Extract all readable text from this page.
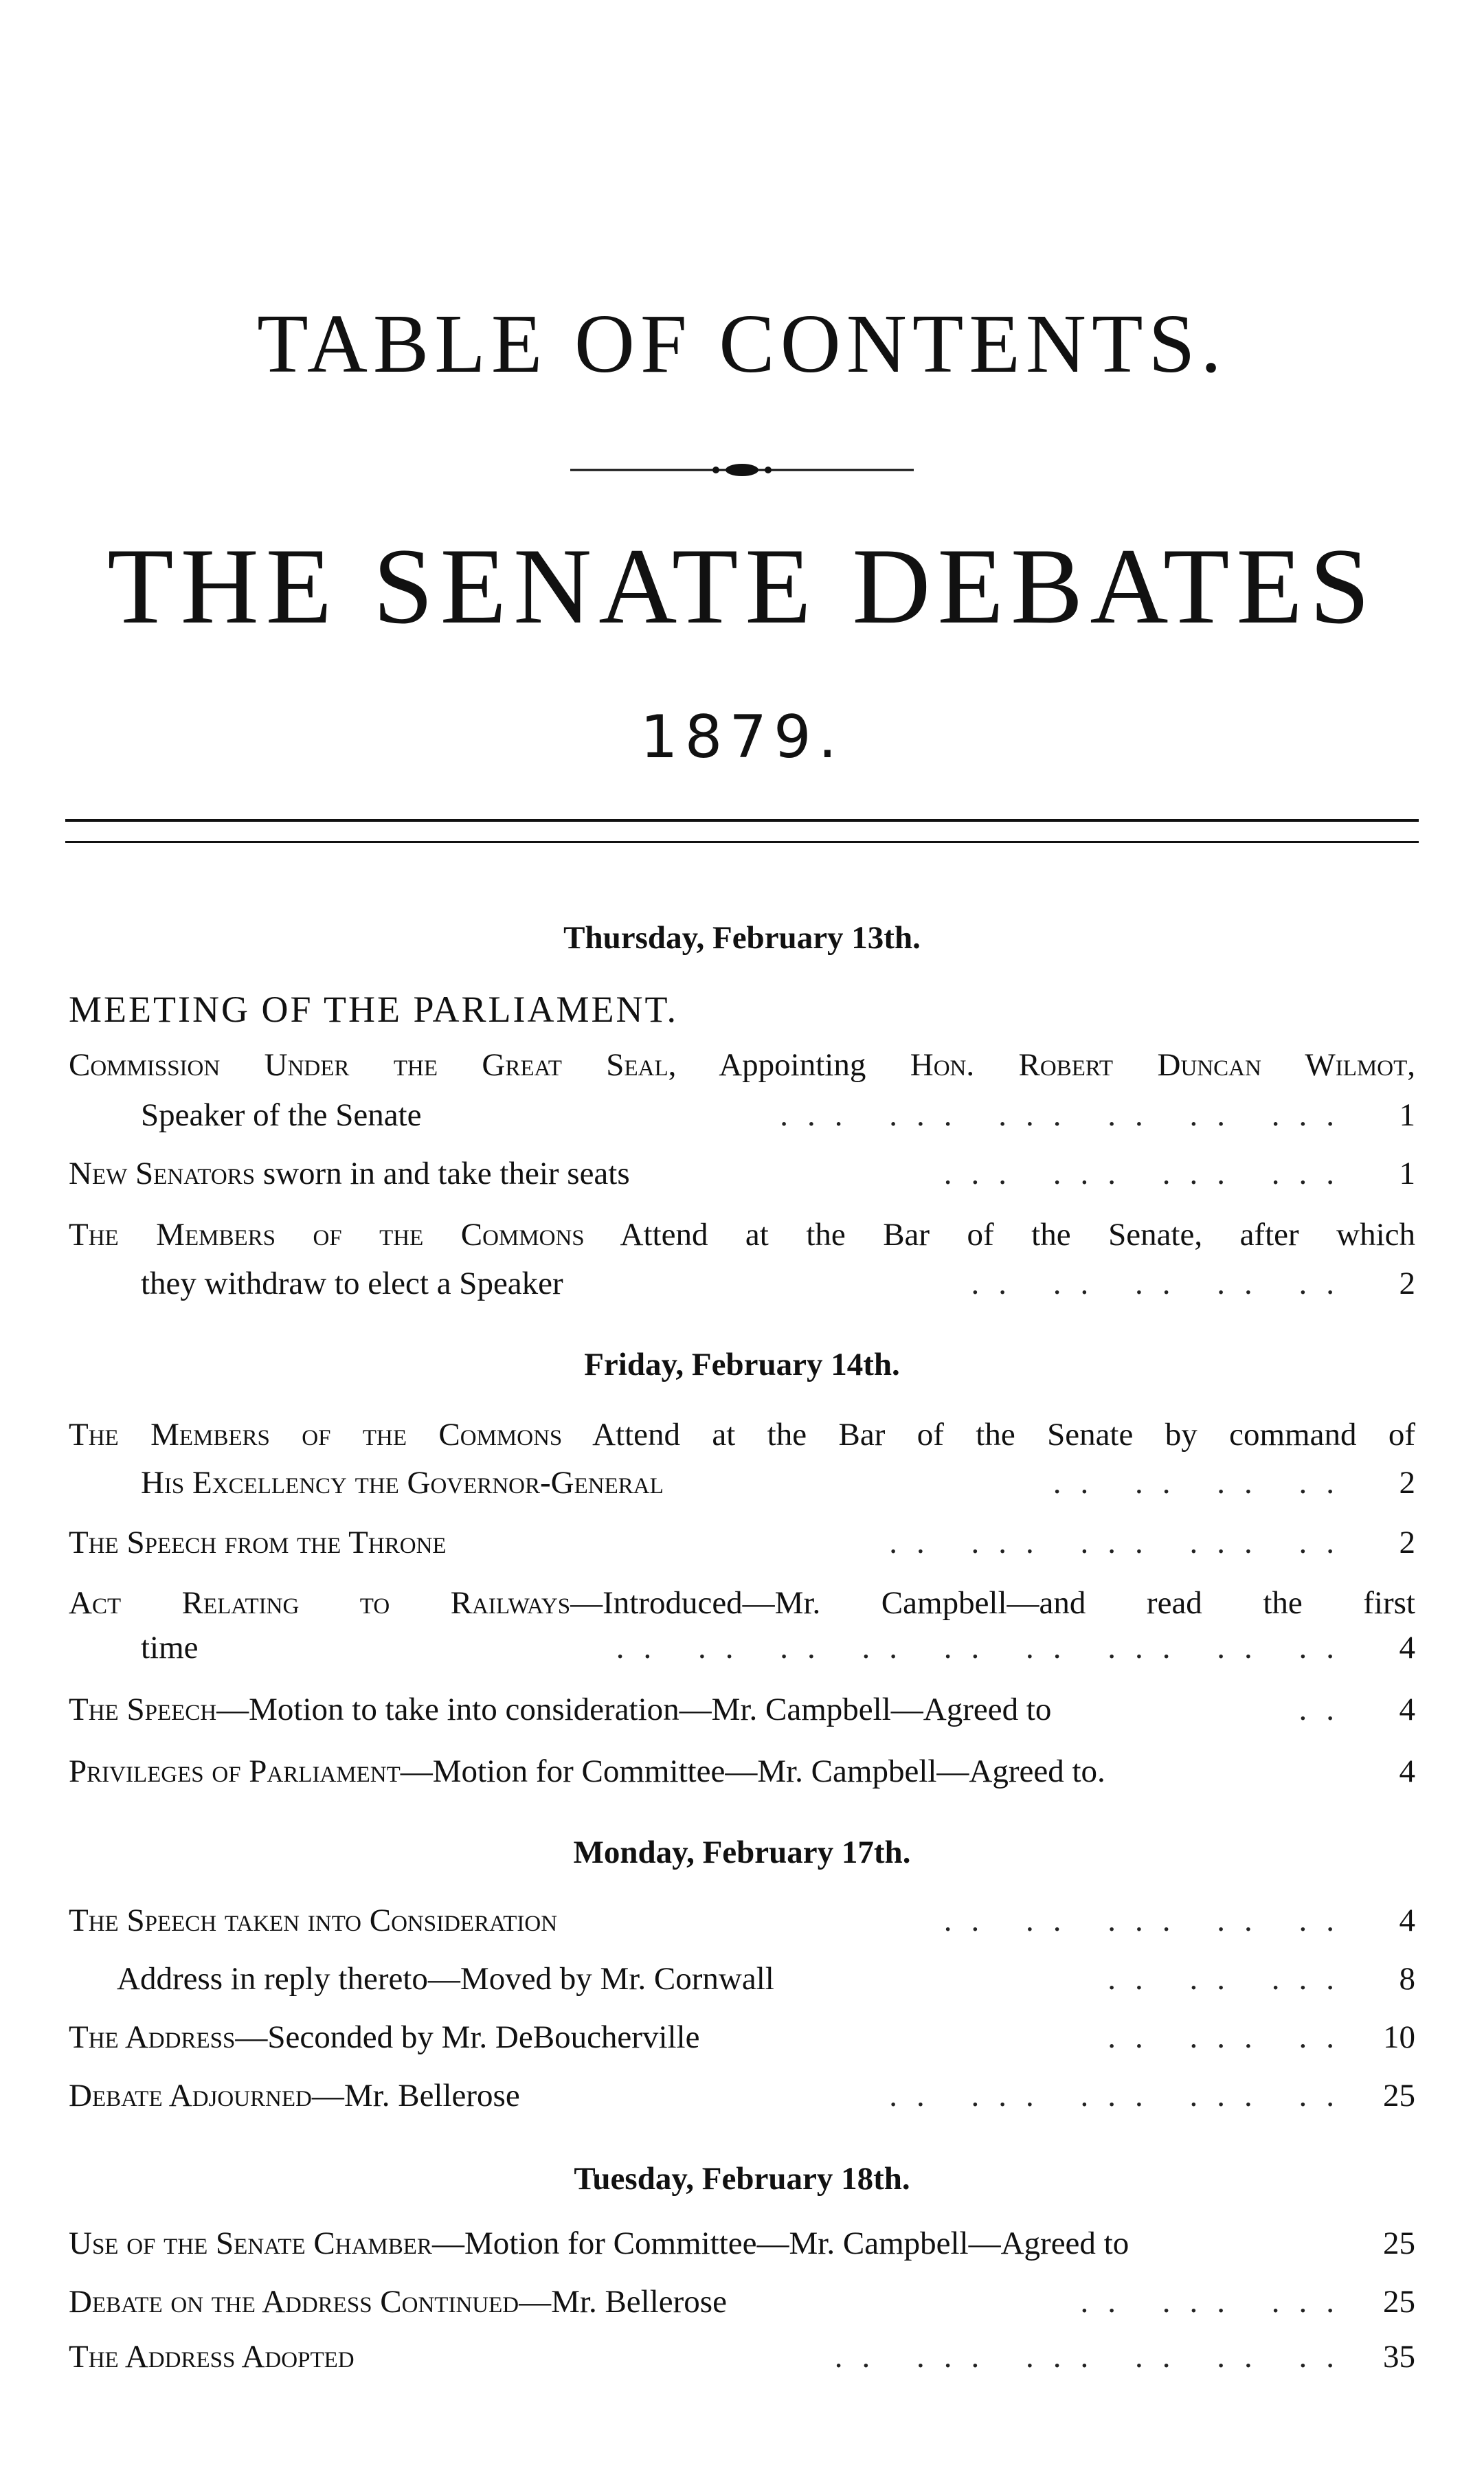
TABLE OF CONTENTS.
THE SENATE DEBATES
1879.
Thursday, February 13th.
MEETING OF THE PARLIAMENT.
Commission Under the Great Seal, Appointing Hon. Robert Duncan Wilmot,
Speaker of the Senate	... ... ... .. .. ...	1
New Senators sworn in and take their seats	... ... ... ...	1
The Members of the Commons Attend at the Bar of the Senate, after which
they withdraw to elect a Speaker	.. .. .. .. ..	2
Friday, February 14th.
The Members of the Commons Attend at the Bar of the Senate by command of
His Excellency the Governor-General	.. .. .. ..	2
The Speech from the Throne	.. ... ... ... ..	2
Act Relating to Railways—Introduced—Mr. Campbell—and read the first
time	.. .. .. .. .. .. ... .. ..	4
The Speech—Motion to take into consideration—Mr. Campbell—Agreed to	..	4
Privileges of Parliament—Motion for Committee—Mr. Campbell—Agreed to.	4
Monday, February 17th.
The Speech taken into Consideration	.. .. ... .. ..	4
Address in reply thereto—Moved by Mr. Cornwall	.. .. ...	8
The Address—Seconded by Mr. DeBoucherville	.. ... .. 10
Debate Adjourned—Mr. Bellerose	.. ... ... ... .. 25
Tuesday, February 18th.
Use of the Senate Chamber—Motion for Committee—Mr. Campbell—Agreed to	25
Debate on the Address Continued—Mr. Bellerose	.. ... ... 25
The Address Adopted	.. ... ... .. .. .. 35
